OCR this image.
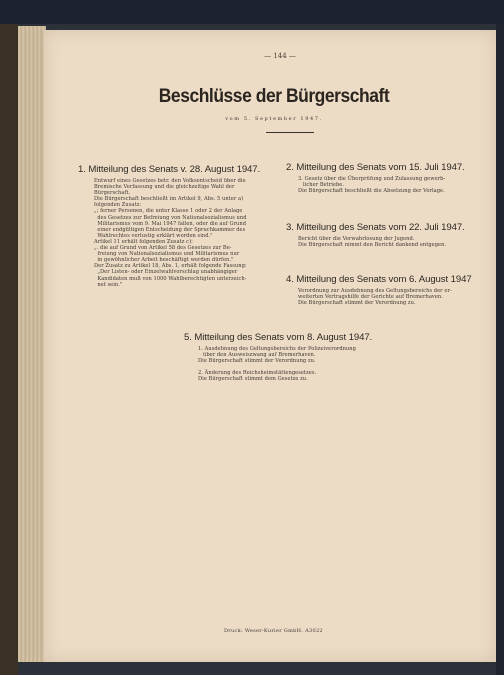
— 144 —
Beschlüsse der Bürgerschaft
vom 5. September 1947.
1. Mitteilung des Senats v. 28. August 1947.
Entwurf eines Gesetzes betr. den Volksentscheid über die
Bremische Verfassung und die gleichzeitige Wahl der
Bürgerschaft.
Die Bürgerschaft beschließt im Artikel 9, Abs. 5 unter a)
folgenden Zusatz:
„; ferner Personen, die unter Klasse 1 oder 2 der Anlage
des Gesetzes zur Befreiung von Nationalsozialismus und
Militarismus vom 9. Mai 1947 fallen, oder die auf Grund
einer endgültigen Entscheidung der Spruchkammer des
Wahlrechtes verlustig erklärt worden sind."
Artikel 11 erhält folgenden Zusatz c):
„. die auf Grund von Artikel 58 des Gesetzes zur Be-
freiung von Nationalsozialismus und Militarismus nur
in gewöhnlicher Arbeit beschäftigt werden dürfen."
Der Zusatz zu Artikel 18, Abs. 1, erhält folgende Fassung:
„Der Listen- oder Einzelwahlvorschlag unabhängiger
Kandidaten muß von 1000 Wahlberechtigten unterzeich-
net sein."
2. Mitteilung des Senats vom 15. Juli 1947.
3. Gesetz über die Überprüfung und Zulassung gewerb-
licher Betriebe.
Die Bürgerschaft beschließt die Absetzung der Vorlage.
3. Mitteilung des Senats vom 22. Juli 1947.
Bericht über die Verwahrlosung der Jugend.
Die Bürgerschaft nimmt den Bericht dankend entgegen.
4. Mitteilung des Senats vom 6. August 1947
Verordnung zur Ausdehnung des Geltungsbereichs der er-
weiterten Vertragshilfe der Gerichte auf Bremerhaven.
Die Bürgerschaft stimmt der Verordnung zu.
5. Mitteilung des Senats vom 8. August 1947.
1. Ausdehnung des Geltungsbereichs der Polizeiverordnung
über den Ausweiszwang auf Bremerhaven.
Die Bürgerschaft stimmt der Verordnung zu.

2. Änderung des Reichsheimstättengesetzes.
Die Bürgerschaft stimmt dem Gesetze zu.
Druck: Weser-Kurier GmbH. A3022
